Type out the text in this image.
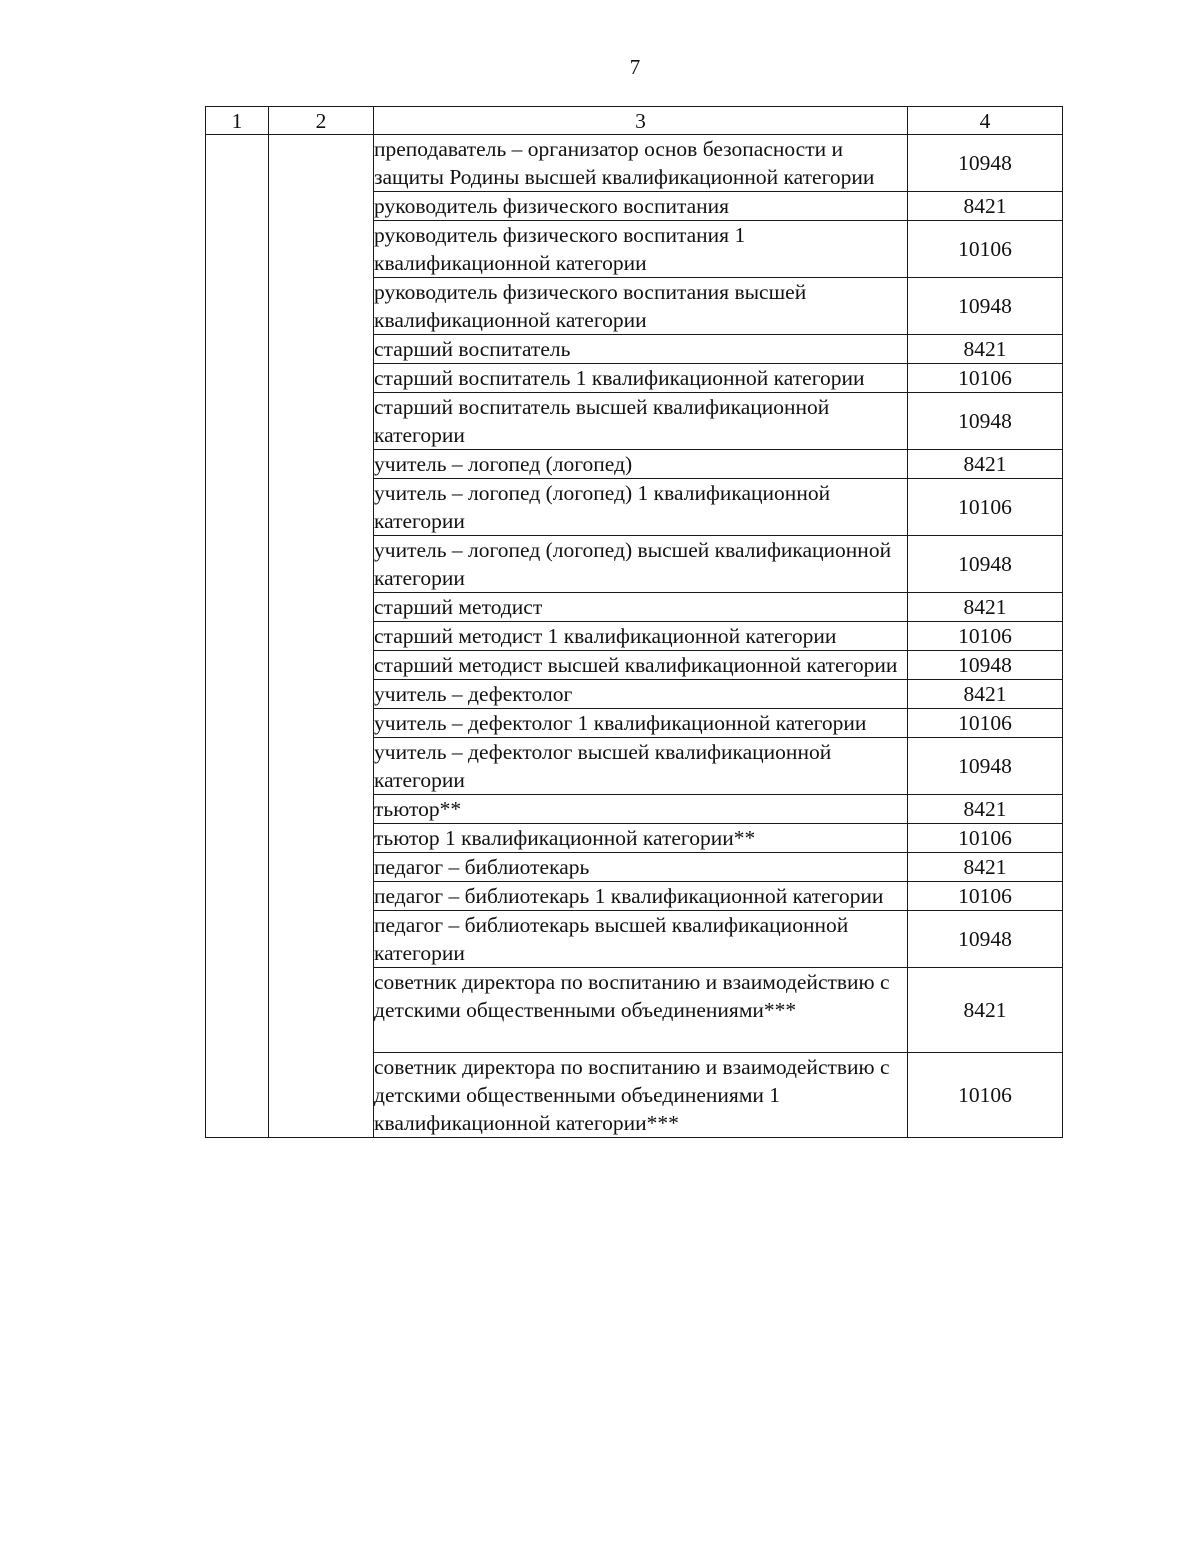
7
1	2	3	4
		преподаватель – организатор основ безопасности и защиты Родины высшей квалификационной категории	10948
		руководитель физического воспитания	8421
		руководитель физического воспитания 1 квалификационной категории	10106
		руководитель физического воспитания высшей квалификационной категории	10948
		старший воспитатель	8421
		старший воспитатель 1 квалификационной категории	10106
		старший воспитатель высшей квалификационной категории	10948
		учитель – логопед (логопед)	8421
		учитель – логопед (логопед) 1 квалификационной категории	10106
		учитель – логопед (логопед) высшей квалификационной категории	10948
		старший методист	8421
		старший методист 1 квалификационной категории	10106
		старший методист высшей квалификационной категории	10948
		учитель – дефектолог	8421
		учитель – дефектолог 1 квалификационной категории	10106
		учитель – дефектолог высшей квалификационной категории	10948
		тьютор**	8421
		тьютор 1 квалификационной категории**	10106
		педагог – библиотекарь	8421
		педагог – библиотекарь 1 квалификационной категории	10106
		педагог – библиотекарь высшей квалификационной категории	10948
		советник директора по воспитанию и взаимодействию с детскими общественными объединениями***	8421
		советник директора по воспитанию и взаимодействию с детскими общественными объединениями 1 квалификационной категории***	10106
